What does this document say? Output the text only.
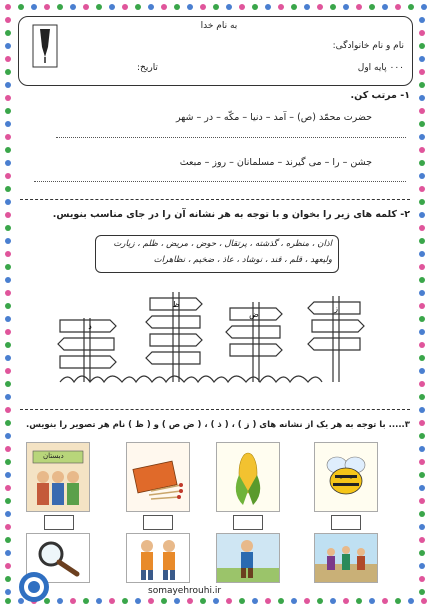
به نام خدا
نام و نام خانوادگی:
۰۰۰ پایه اول
تاریخ:
۱- مرتب کن.
حضرت محمّد (ص) – آمد – دنیا – مکّه – در – شهر
جشن – را – می گیرند – مسلمانان – روز – مبعث
۲- کلمه های زیر را بخوان و با توجه به هر نشانه آن را در جای مناسب بنویس.
اذان ، منظره ، گذشته ، پرتقال ، حوض ، مریض ، ظلم ، زیارت
ولیعهد ، قلم ، قند ، نوشاد ، عاذ ، ضخیم ، نظاهرات
ذ
ظ
ض
ز
۳..... با توجه به هر یک از نشانه های ( ز ) ، ( ذ ) ، ( ض ص ) و ( ظ ) نام هر تصویر را بنویس.
دبستان
somayehrouhi.ir
